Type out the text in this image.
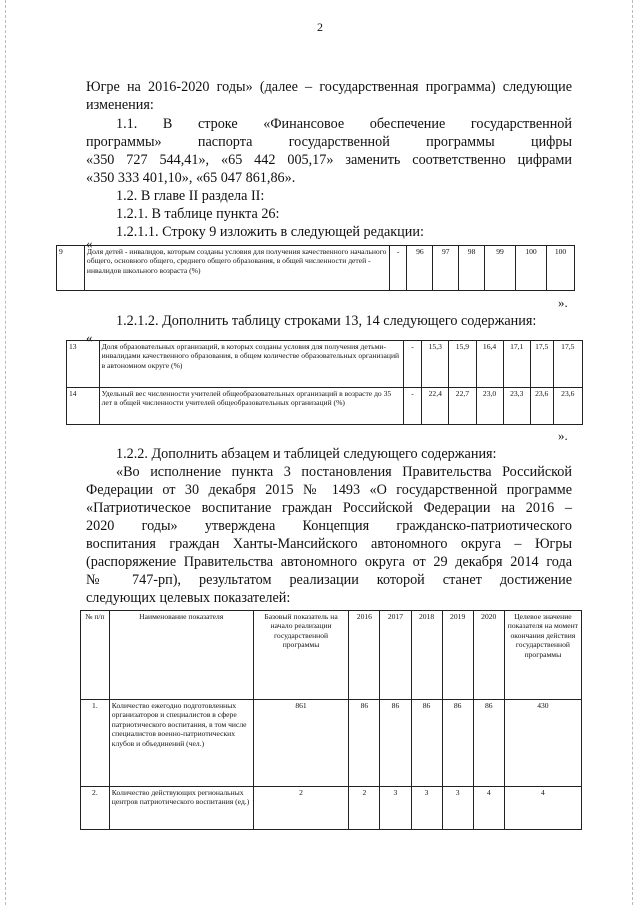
2
Югре на 2016-2020 годы» (далее – государственная программа) следующие
изменения:
1.1. В строке «Финансовое обеспечение государственной
программы» паспорта государственной программы цифры
«350 727 544,41», «65 442 005,17» заменить соответственно цифрами
«350 333 401,10», «65 047 861,86».
1.2. В главе II раздела II:
1.2.1. В таблице пункта 26:
1.2.1.1. Строку 9 изложить в следующей редакции:
«
9	Доля детей - инвалидов, которым созданы условия для получения качественного начального общего, основного общего, среднего общего образования, в общей численности детей - инвалидов школьного возраста (%)	-	96	97	98	99	100	100
».
1.2.1.2. Дополнить таблицу строками 13, 14 следующего содержания:
«
13	Доля образовательных организаций, в которых созданы условия для получения детьми-инвалидами качественного образования, в общем количестве образовательных организаций в автономном округе (%)	-	15,3	15,9	16,4	17,1	17,5	17,5
14	Удельный вес численности учителей общеобразовательных организаций в возрасте до 35 лет в общей численности учителей общеобразовательных организаций (%)	-	22,4	22,7	23,0	23,3	23,6	23,6
».
1.2.2. Дополнить абзацем и таблицей следующего содержания:
«Во исполнение пункта 3 постановления Правительства Российской
Федерации от 30 декабря 2015 № 1493 «О государственной программе
«Патриотическое воспитание граждан Российской Федерации на 2016 –
2020 годы» утверждена Концепция гражданско-патриотического
воспитания граждан Ханты-Мансийского автономного округа – Югры
(распоряжение Правительства автономного округа от 29 декабря 2014 года
№ 747-рп), результатом реализации которой станет достижение
следующих целевых показателей:
№ п/п	Наименование показателя	Базовый показатель на начало реализации государственной программы	2016	2017	2018	2019	2020	Целевое значение показателя на момент окончания действия государственной программы
1.	Количество ежегодно подготовленных организаторов и специалистов в сфере патриотического воспитания, в том числе специалистов военно-патриотических клубов и объединений (чел.)	861	86	86	86	86	86	430
2.	Количество действующих региональных центров патриотического воспитания (ед.)	2	2	3	3	3	4	4
